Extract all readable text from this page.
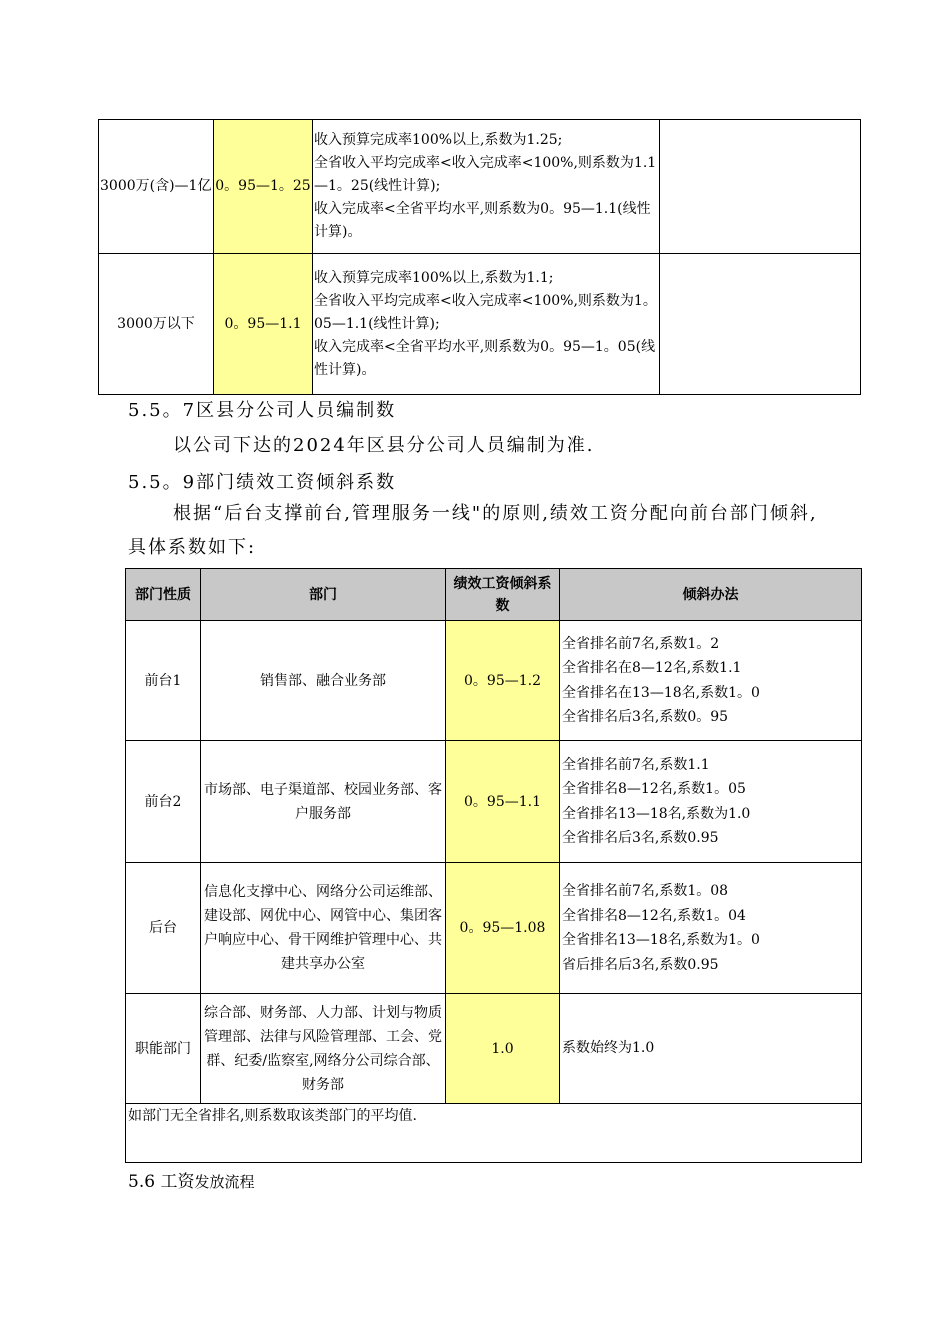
3000万(含)—1亿	0。95—1。25	收入预算完成率100%以上,系数为1.25;
全省收入平均完成率<收入完成率<100%,则系数为1.1—1。25(线性计算);
收入完成率<全省平均水平,则系数为0。95—1.1(线性计算)。	

3000万以下	0。95—1.1	收入预算完成率100%以上,系数为1.1;
全省收入平均完成率<收入完成率<100%,则系数为1。05—1.1(线性计算);
收入完成率<全省平均水平,则系数为0。95—1。05(线性计算)。	

5.5。7区县分公司人员编制数
以公司下达的2024年区县分公司人员编制为准.
5.5。9部门绩效工资倾斜系数
根据“后台支撑前台,管理服务一线"的原则,绩效工资分配向前台部门倾斜,具体系数如下:
部门性质	部门	绩效工资倾斜系数	倾斜办法
前台1	销售部、融合业务部	0。95—1.2	全省排名前7名,系数1。2
全省排名在8—12名,系数1.1
全省排名在13—18名,系数1。0
全省排名后3名,系数0。95

前台2	市场部、电子渠道部、校园业务部、客户服务部	0。95—1.1	全省排名前7名,系数1.1
全省排名8—12名,系数1。05
全省排名13—18名,系数为1.0
全省排名后3名,系数0.95

后台	信息化支撑中心、网络分公司运维部、建设部、网优中心、网管中心、集团客户响应中心、骨干网维护管理中心、共建共享办公室	0。95—1.08	全省排名前7名,系数1。08
全省排名8—12名,系数1。04
全省排名13—18名,系数为1。0
省后排名后3名,系数0.95

职能部门	综合部、财务部、人力部、计划与物质管理部、法律与风险管理部、工会、党群、纪委/监察室,网络分公司综合部、财务部	1.0	系数始终为1.0

如部门无全省排名,则系数取该类部门的平均值.			
5.6 工资发放流程
